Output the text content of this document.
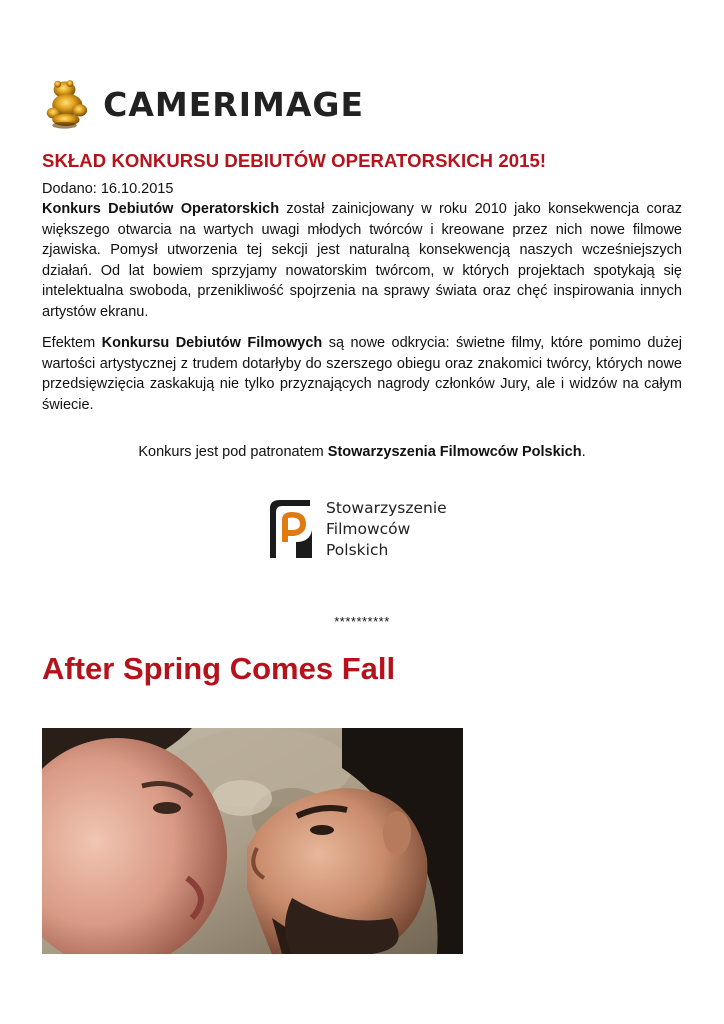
CAMERIMAGE
SKŁAD KONKURSU DEBIUTÓW OPERATORSKICH 2015!
Dodano: 16.10.2015

Konkurs Debiutów Operatorskich został zainicjowany w roku 2010 jako konsekwencja coraz większego otwarcia na wartych uwagi młodych twórców i kreowane przez nich nowe filmowe zjawiska. Pomysł utworzenia tej sekcji jest naturalną konsekwencją naszych wcześniejszych działań. Od lat bowiem sprzyjamy nowatorskim twórcom, w których projektach spotykają się intelektualna swoboda, przenikliwość spojrzenia na sprawy świata oraz chęć inspirowania innych artystów ekranu.

Efektem Konkursu Debiutów Filmowych są nowe odkrycia: świetne filmy, które pomimo dużej wartości artystycznej z trudem dotarłyby do szerszego obiegu oraz znakomici twórcy, których nowe przedsięwzięcia zaskakują nie tylko przyznających nagrody członków Jury, ale i widzów na całym świecie.

Konkurs jest pod patronatem Stowarzyszenia Filmowców Polskich.
Stowarzyszenie
Filmowców
Polskich
**********
After Spring Comes Fall
